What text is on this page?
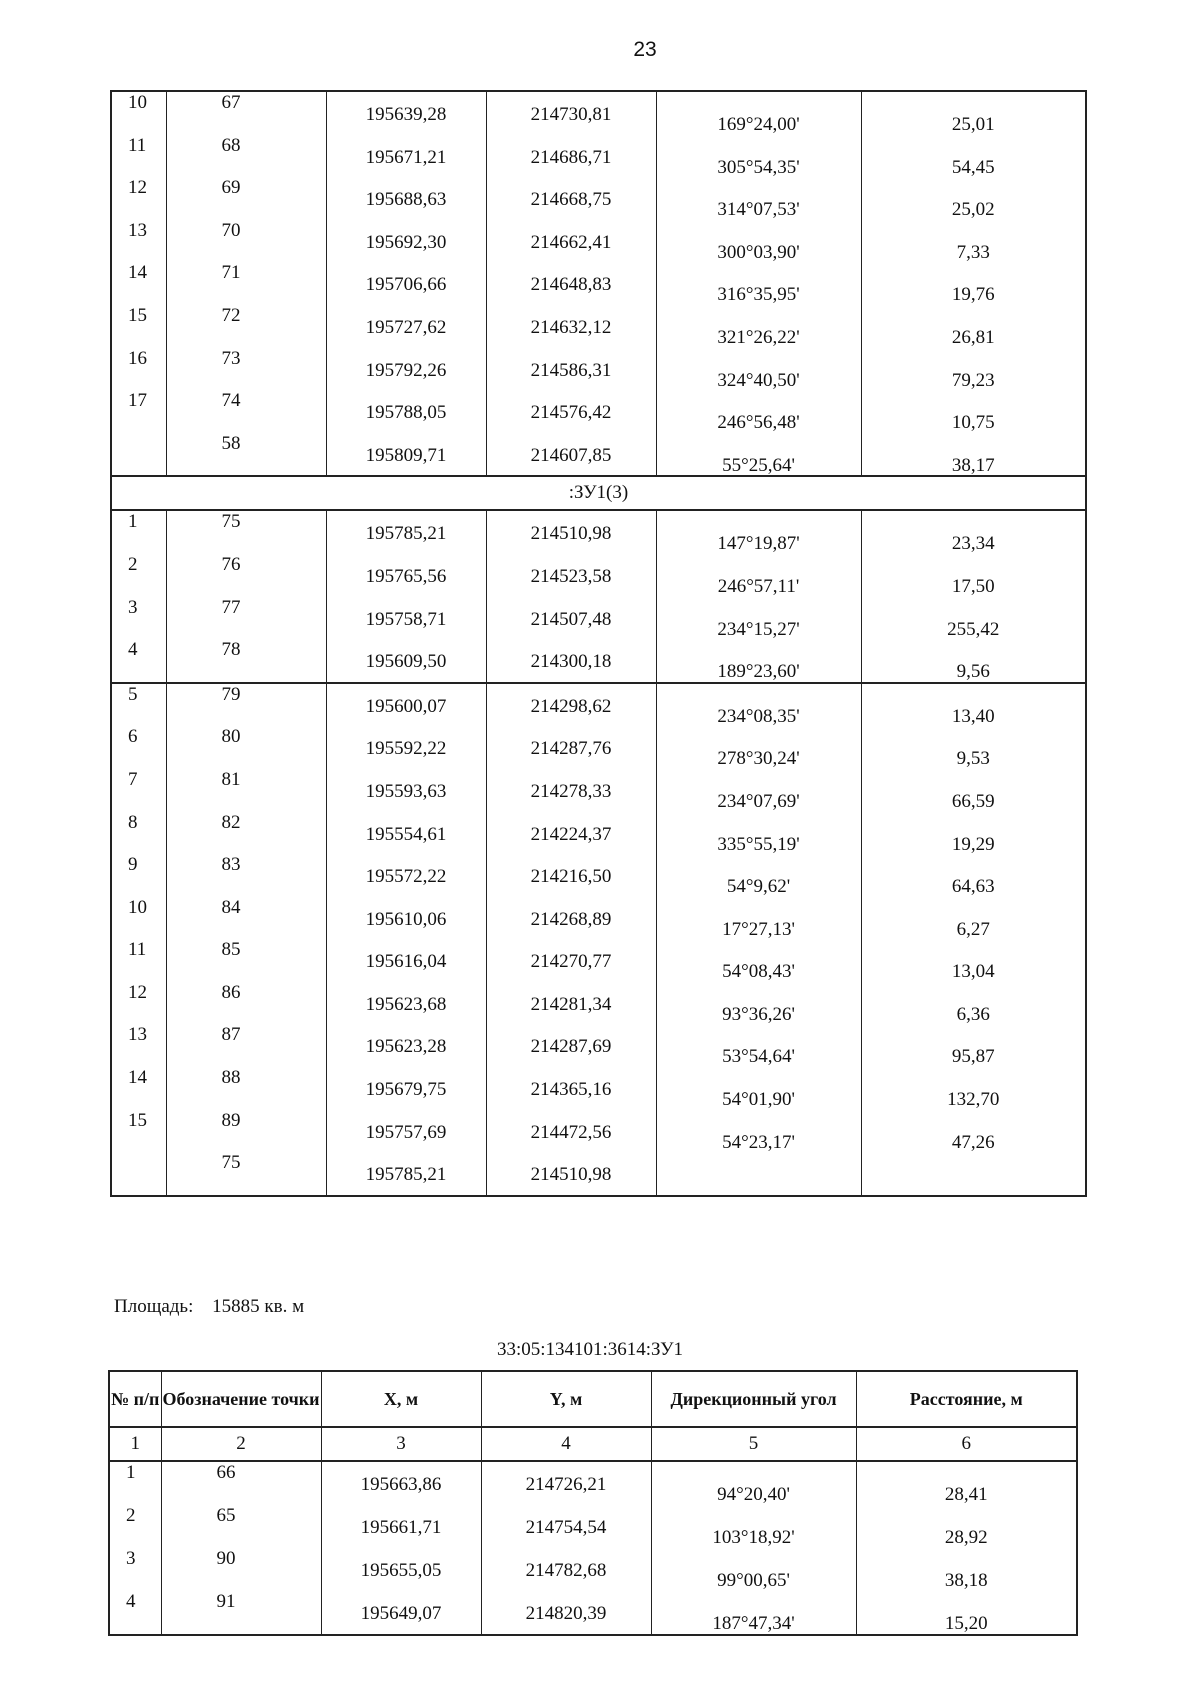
23
10	67	195639,28	214730,81	169°24,00'	25,01

11	68	195671,21	214686,71	305°54,35'	54,45

12	69	195688,63	214668,75	314°07,53'	25,02

13	70	195692,30	214662,41	300°03,90'	7,33

14	71	195706,66	214648,83	316°35,95'	19,76

15	72	195727,62	214632,12	321°26,22'	26,81

16	73	195792,26	214586,31	324°40,50'	79,23

17	74	195788,05	214576,42	246°56,48'	10,75

	58	195809,71	214607,85	55°25,64'	38,17

:ЗУ1(3)					

1	75	195785,21	214510,98	147°19,87'	23,34

2	76	195765,56	214523,58	246°57,11'	17,50

3	77	195758,71	214507,48	234°15,27'	255,42

4	78	195609,50	214300,18	189°23,60'	9,56

5	79	195600,07	214298,62	234°08,35'	13,40

6	80	195592,22	214287,76	278°30,24'	9,53

7	81	195593,63	214278,33	234°07,69'	66,59

8	82	195554,61	214224,37	335°55,19'	19,29

9	83	195572,22	214216,50	54°9,62'	64,63

10	84	195610,06	214268,89	17°27,13'	6,27

11	85	195616,04	214270,77	54°08,43'	13,04

12	86	195623,68	214281,34	93°36,26'	6,36

13	87	195623,28	214287,69	53°54,64'	95,87

14	88	195679,75	214365,16	54°01,90'	132,70

15	89	195757,69	214472,56	54°23,17'	47,26

	75	195785,21	214510,98		

Площадь: 15885 кв. м
33:05:134101:3614:ЗУ1
№ п/п	Обозначение точки	X, м	Y, м	Дирекционный угол	Расстояние, м
1	2	3	4	5	6

1	66	195663,86	214726,21	94°20,40'	28,41

2	65	195661,71	214754,54	103°18,92'	28,92

3	90	195655,05	214782,68	99°00,65'	38,18

4	91	195649,07	214820,39	187°47,34'	15,20
